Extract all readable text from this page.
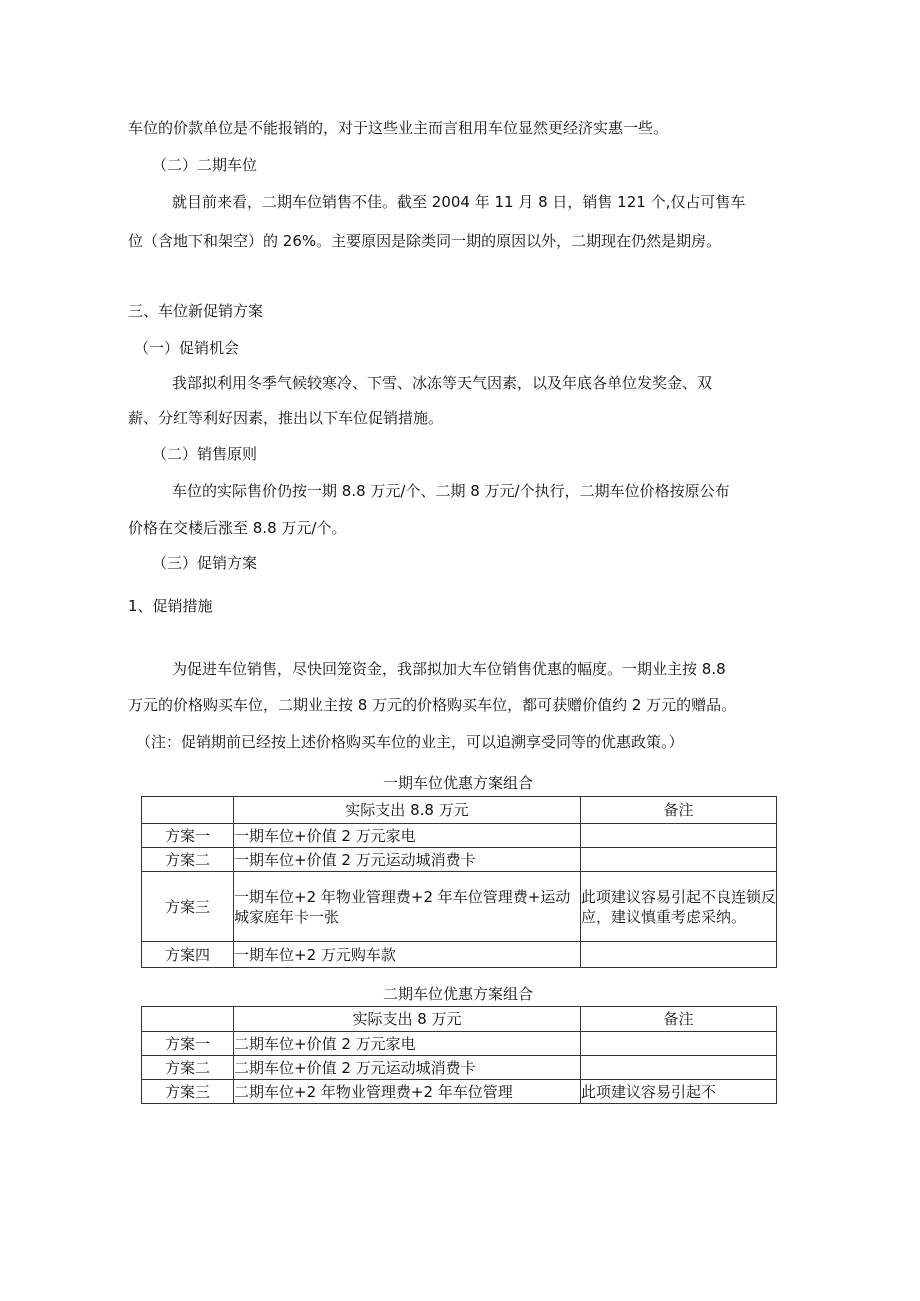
车位的价款单位是不能报销的，对于这些业主而言租用车位显然更经济实惠一些。
（二）二期车位
就目前来看，二期车位销售不佳。截至 2004 年 11 月 8 日，销售 121 个,仅占可售车
位（含地下和架空）的 26%。主要原因是除类同一期的原因以外，二期现在仍然是期房。
三、车位新促销方案
（一）促销机会
我部拟利用冬季气候较寒冷、下雪、冰冻等天气因素，以及年底各单位发奖金、双
薪、分红等利好因素，推出以下车位促销措施。
（二）销售原则
车位的实际售价仍按一期 8.8 万元/个、二期 8 万元/个执行，二期车位价格按原公布
价格在交楼后涨至 8.8 万元/个。
（三）促销方案
1、促销措施
为促进车位销售，尽快回笼资金，我部拟加大车位销售优惠的幅度。一期业主按 8.8
万元的价格购买车位，二期业主按 8 万元的价格购买车位，都可获赠价值约 2 万元的赠品。
（注：促销期前已经按上述价格购买车位的业主，可以追溯享受同等的优惠政策。）
一期车位优惠方案组合
	实际支出 8.8 万元	备注
方案一	一期车位+价值 2 万元家电	
方案二	一期车位+价值 2 万元运动城消费卡	
方案三	一期车位+2 年物业管理费+2 年车位管理费+运动城家庭年卡一张	此项建议容易引起不良连锁反应，建议慎重考虑采纳。
方案四	一期车位+2 万元购车款	
二期车位优惠方案组合
	实际支出 8 万元	备注
方案一	二期车位+价值 2 万元家电	
方案二	二期车位+价值 2 万元运动城消费卡	
方案三	二期车位+2 年物业管理费+2 年车位管理	此项建议容易引起不
